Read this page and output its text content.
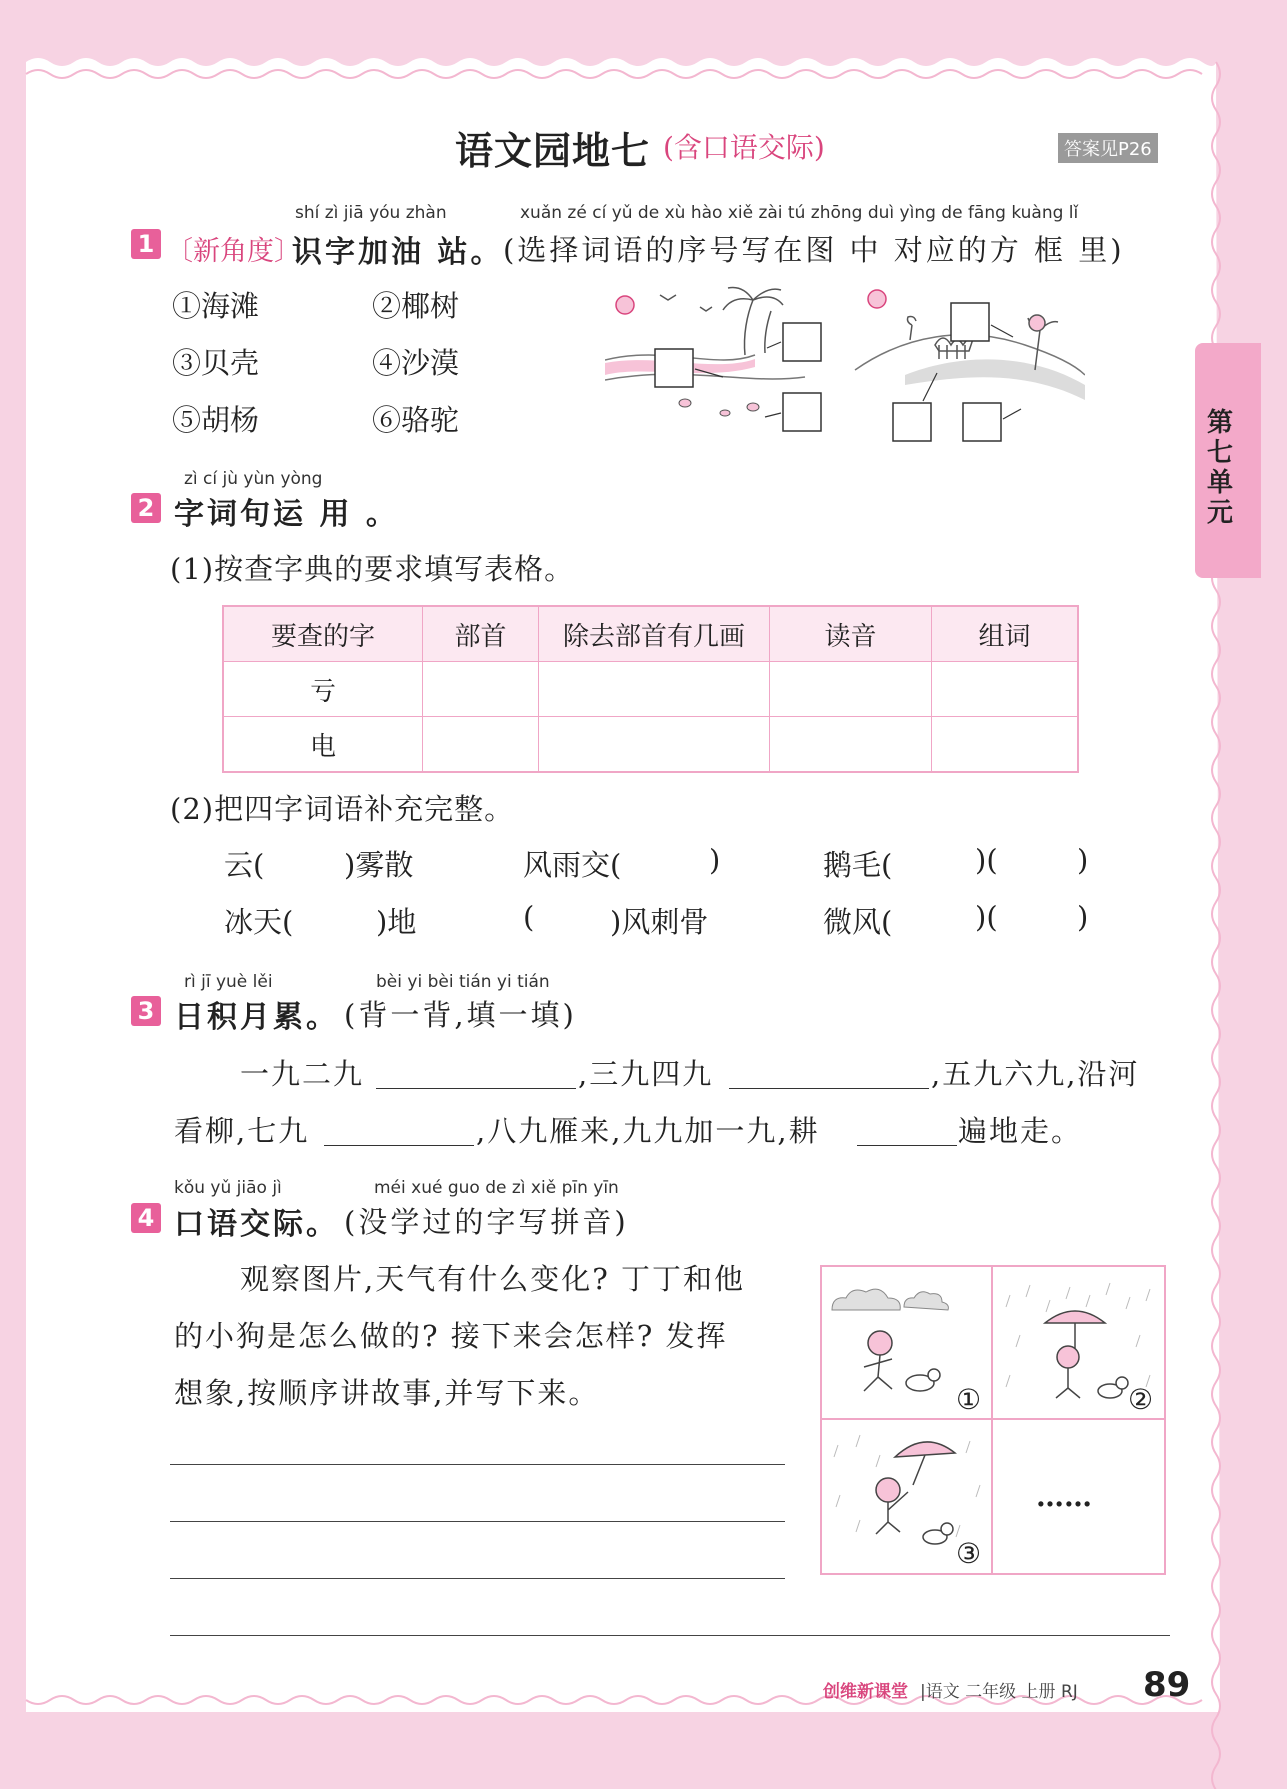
第七单元
语文园地七 (含口语交际)	答案见P26
shí zì jiā yóu zhàn	xuǎn zé cí yǔ de xù hào xiě zài tú zhōng duì yìng de fāng kuàng lǐ
1 〔新角度〕
识字加油 站。 (选择词语的序号写在图 中 对应的方 框 里)
①海滩	②椰树
③贝壳	④沙漠
⑤胡杨	⑥骆驼
zì cí jù yùn yòng
2 字词句运 用 。
(1)按查字典的要求填写表格。
要查的字	部首	除去部首有几画	读音	组词
亏				
电				
(2)把四字词语补充完整。
云(	)雾散	风雨交(	)	鹅毛(	)(	)
冰天(	)地	(	)风刺骨	微风(	)(	)
rì jī yuè lěi	bèi yi bèi tián yi tián
3 日积月累。 (背一背,填一填)
一九二九	,三九四九	,五九六九,沿河
看柳,七九	,八九雁来,九九加一九,耕	遍地走。
kǒu yǔ jiāo jì	méi xué guo de zì xiě pīn yīn
4 口语交际。 (没学过的字写拼音)
观察图片,天气有什么变化? 丁丁和他
的小狗是怎么做的? 接下来会怎样? 发挥
想象,按顺序讲故事,并写下来。	①	②
③
……
创维新课堂 |语文 二年级 上册 RJ 89
